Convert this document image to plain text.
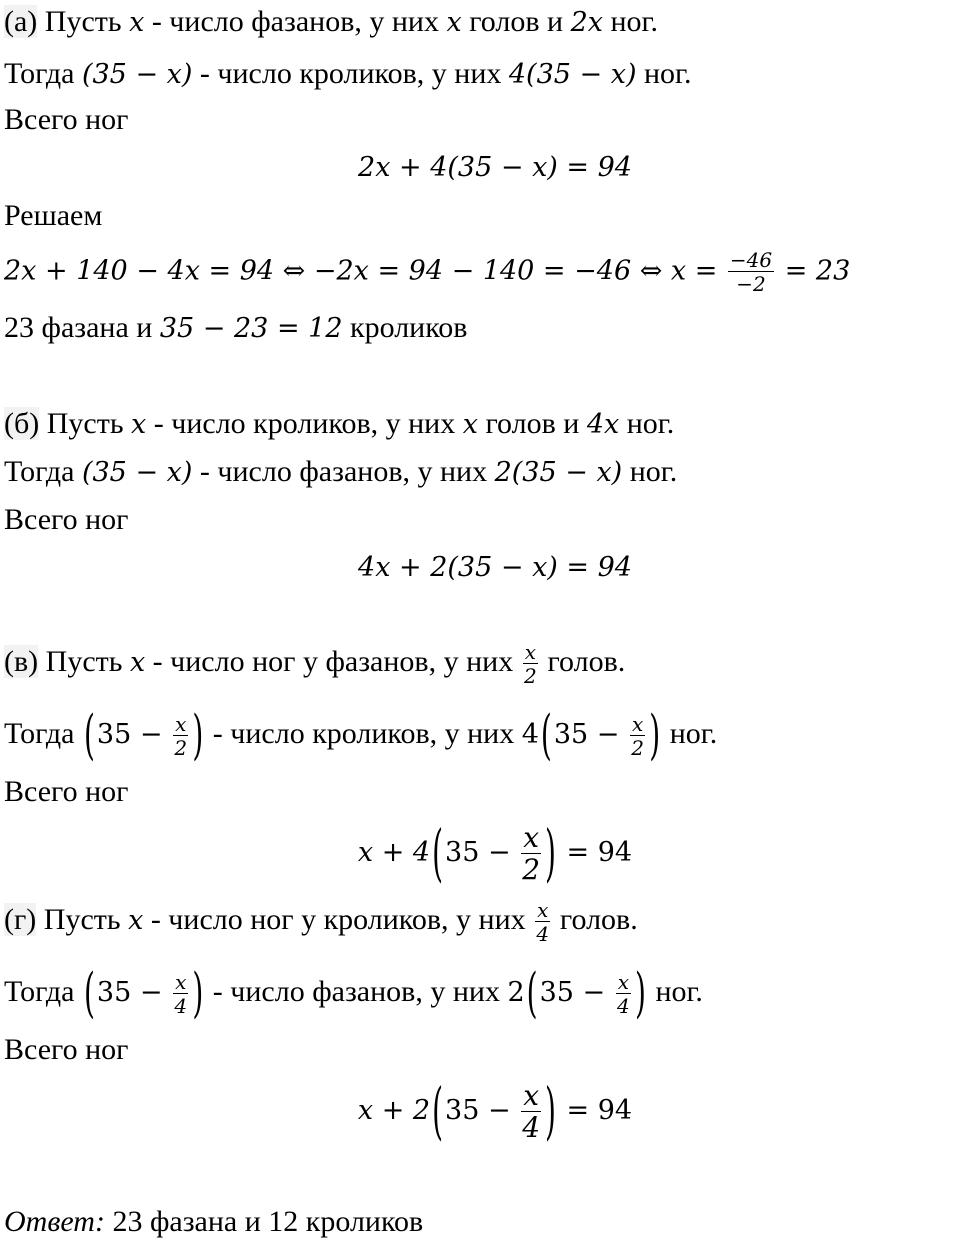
(а) Пусть x - число фазанов, у них x голов и 2x ног.
Тогда (35 − x) - число кроликов, у них 4(35 − x) ног.
Всего ног
2x + 4(35 − x) = 94
Решаем
2x + 140 − 4x = 94 ⇔ −2x = 94 − 140 = −46 ⇔ $x = \frac{-46}{-2} = 23$
23 фазана и 35 − 23 = 12 кроликов
(б) Пусть x - число кроликов, у них x голов и 4x ног.
Тогда (35 − x) - число фазанов, у них 2(35 − x) ног.
Всего ног
4x + 2(35 − x) = 94
(в) Пусть x - число ног у фазанов, у них $\frac{x}{2}$ голов.
Тогда ($35 - \frac{x}{2}$ ) - число кроликов, у них $4(35 - \frac{x}{2}$ ) ног.
Всего ног
$x + 4(35 - \frac{x}{2}$ ) = 94
(г) Пусть x - число ног у кроликов, у них $\frac{x}{4}$ голов.
Тогда ($35 - \frac{x}{4}$ ) - число фазанов, у них $2(35 - \frac{x}{4}$ ) ног.
Всего ног
$x + 2(35 - \frac{x}{4}$ ) = 94
Ответ: 23 фазана и 12 кроликов
